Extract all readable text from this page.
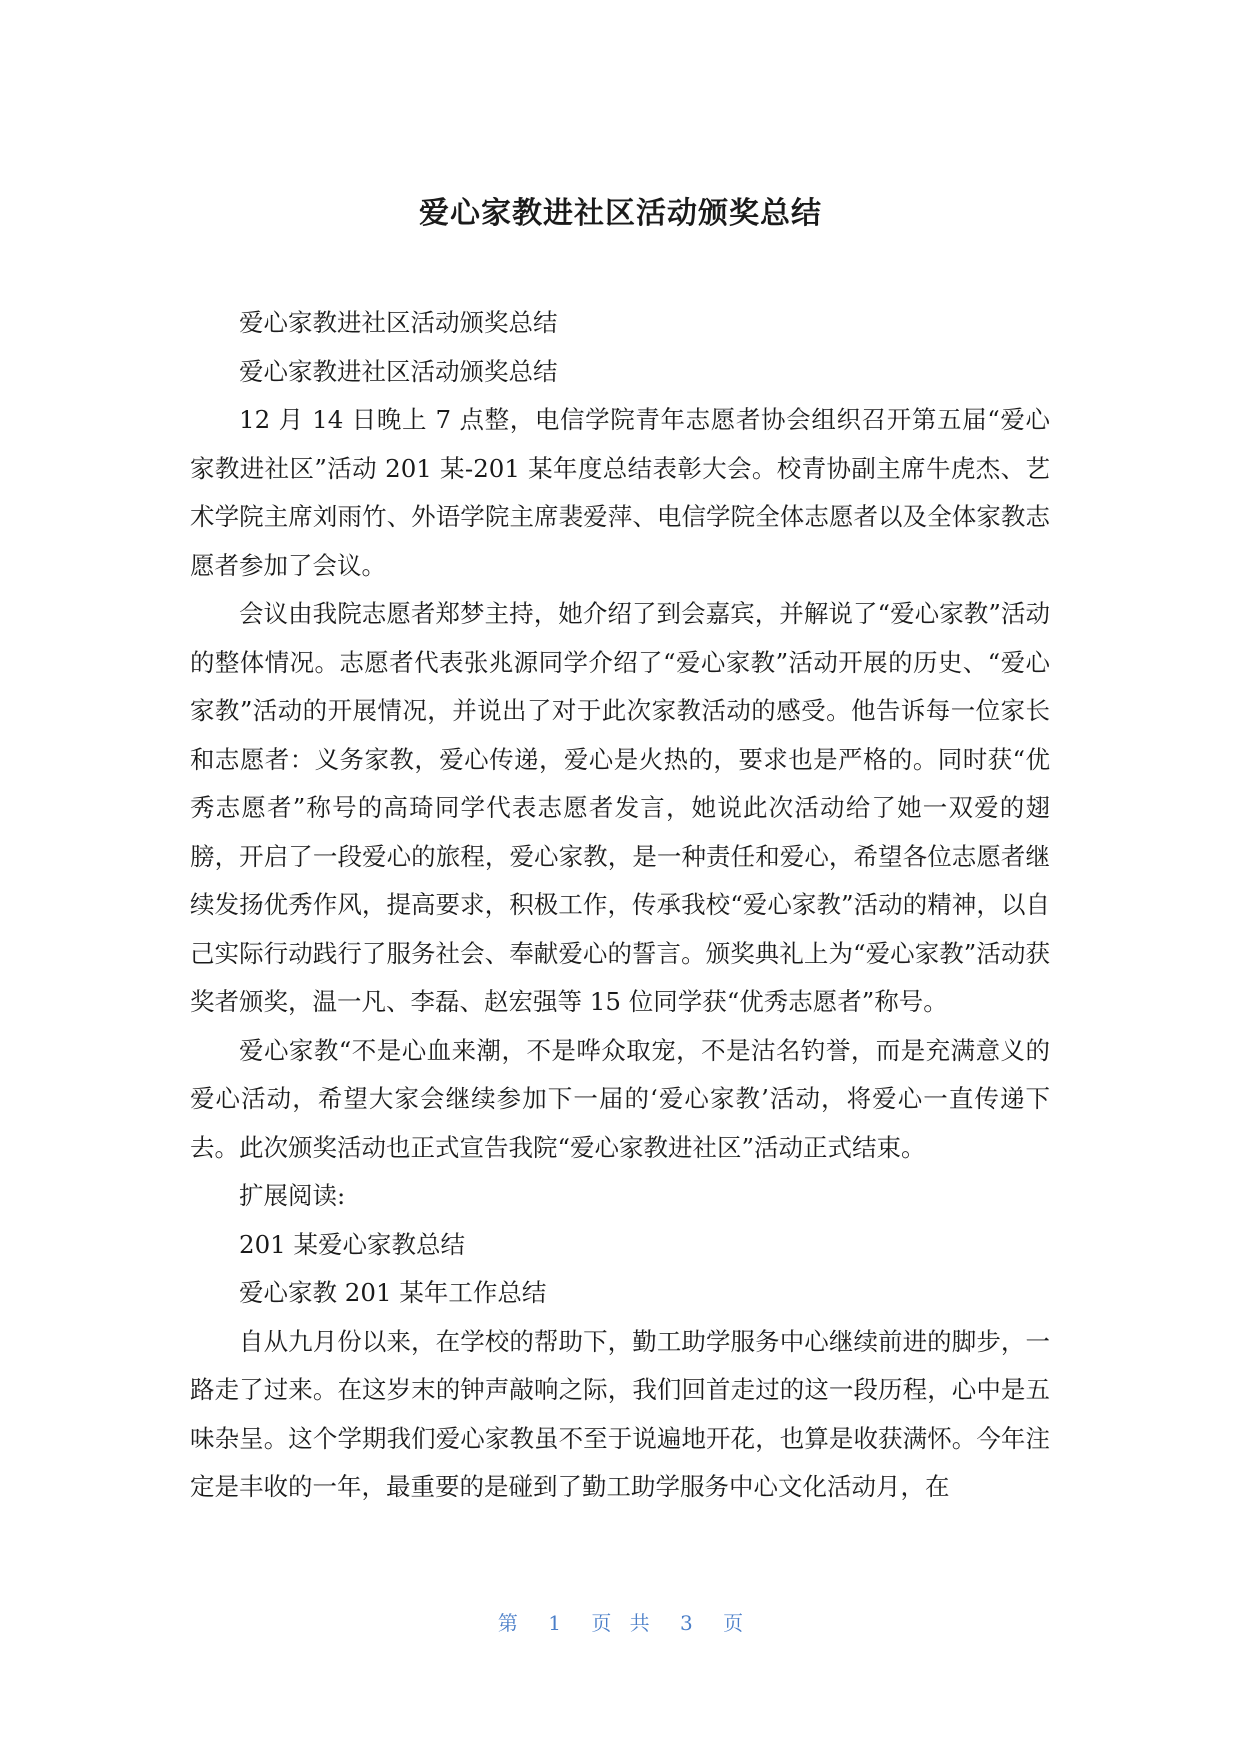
爱心家教进社区活动颁奖总结

爱心家教进社区活动颁奖总结

爱心家教进社区活动颁奖总结

12 月 14 日晚上 7 点整，电信学院青年志愿者协会组织召开第五届“爱心家教进社区”活动 201 某-201 某年度总结表彰大会。校青协副主席牛虎杰、艺术学院主席刘雨竹、外语学院主席裴爱萍、电信学院全体志愿者以及全体家教志愿者参加了会议。

会议由我院志愿者郑梦主持，她介绍了到会嘉宾，并解说了“爱心家教”活动的整体情况。志愿者代表张兆源同学介绍了“爱心家教”活动开展的历史、“爱心家教”活动的开展情况，并说出了对于此次家教活动的感受。他告诉每一位家长和志愿者：义务家教，爱心传递，爱心是火热的，要求也是严格的。同时获“优秀志愿者”称号的高琦同学代表志愿者发言，她说此次活动给了她一双爱的翅膀，开启了一段爱心的旅程，爱心家教，是一种责任和爱心，希望各位志愿者继续发扬优秀作风，提高要求，积极工作，传承我校“爱心家教”活动的精神，以自己实际行动践行了服务社会、奉献爱心的誓言。颁奖典礼上为“爱心家教”活动获奖者颁奖，温一凡、李磊、赵宏强等 15 位同学获“优秀志愿者”称号。

爱心家教“不是心血来潮，不是哗众取宠，不是沽名钓誉，而是充满意义的爱心活动，希望大家会继续参加下一届的‘爱心家教’活动，将爱心一直传递下去。此次颁奖活动也正式宣告我院“爱心家教进社区”活动正式结束。

扩展阅读:

201 某爱心家教总结

爱心家教 201 某年工作总结

自从九月份以来，在学校的帮助下，勤工助学服务中心继续前进的脚步，一路走了过来。在这岁末的钟声敲响之际，我们回首走过的这一段历程，心中是五味杂呈。这个学期我们爱心家教虽不至于说遍地开花，也算是收获满怀。今年注定是丰收的一年，最重要的是碰到了勤工助学服务中心文化活动月，在

第 1 页 共 3 页
